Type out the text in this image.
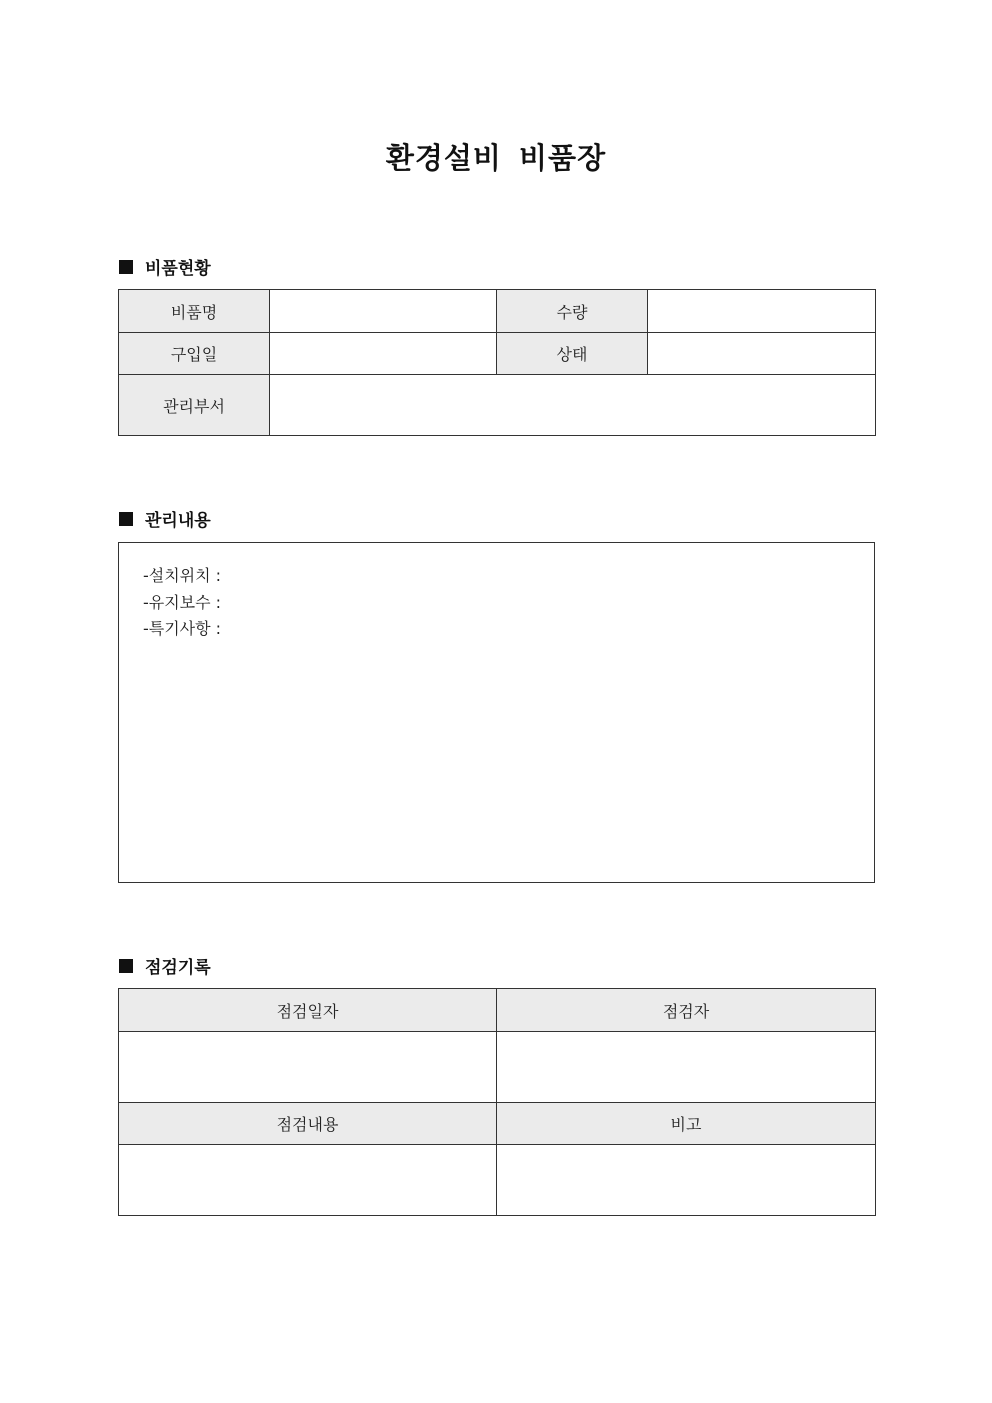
환경설비 비품장
비품현황
비품명		수량	
구입일		상태	
관리부서			
관리내용
-설치위치 :
-유지보수 :
-특기사항 :
점검기록
점검일자	점검자

점검내용	비고
